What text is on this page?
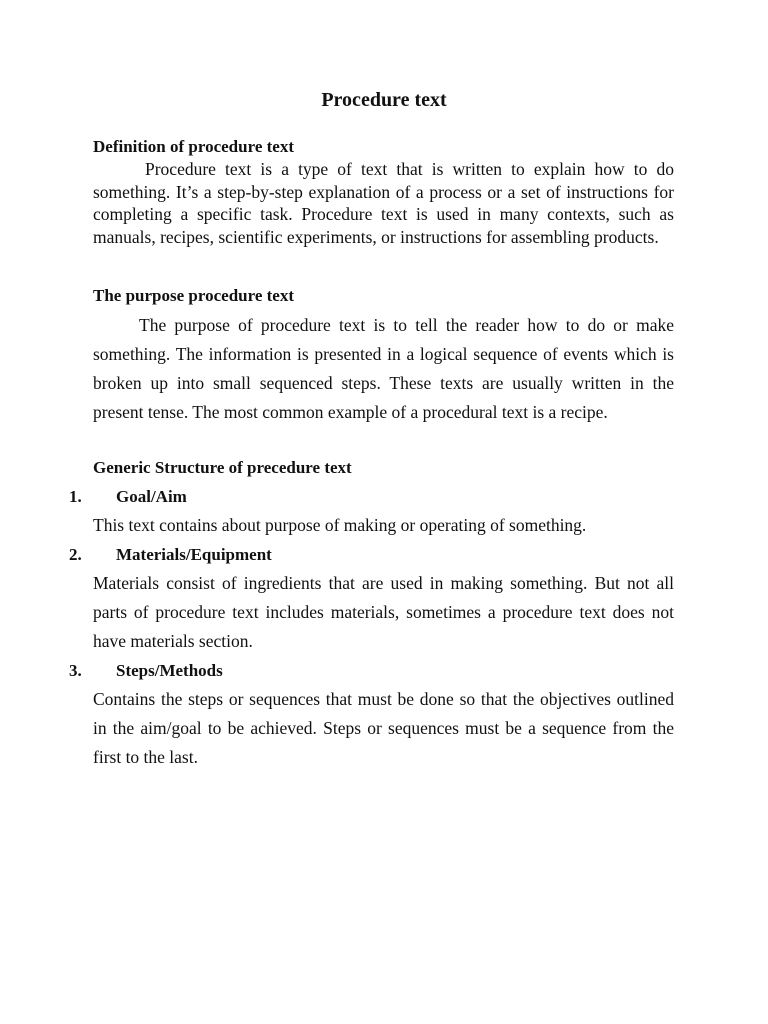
Procedure text
Definition of procedure text

Procedure text is a type of text that is written to explain how to do something. It’s a step-by-step explanation of a process or a set of instructions for completing a specific task. Procedure text is used in many contexts, such as manuals, recipes, scientific experiments, or instructions for assembling products.

The purpose procedure text

The purpose of procedure text is to tell the reader how to do or make something. The information is presented in a logical sequence of events which is broken up into small sequenced steps. These texts are usually written in the present tense. The most common example of a procedural text is a recipe.

Generic Structure of precedure text
1. Goal/Aim

This text contains about purpose of making or operating of something.

2. Materials/Equipment

Materials consist of ingredients that are used in making something. But not all parts of procedure text includes materials, sometimes a procedure text does not have materials section.

3. Steps/Methods

Contains the steps or sequences that must be done so that the objectives outlined in the aim/goal to be achieved. Steps or sequences must be a sequence from the first to the last.
